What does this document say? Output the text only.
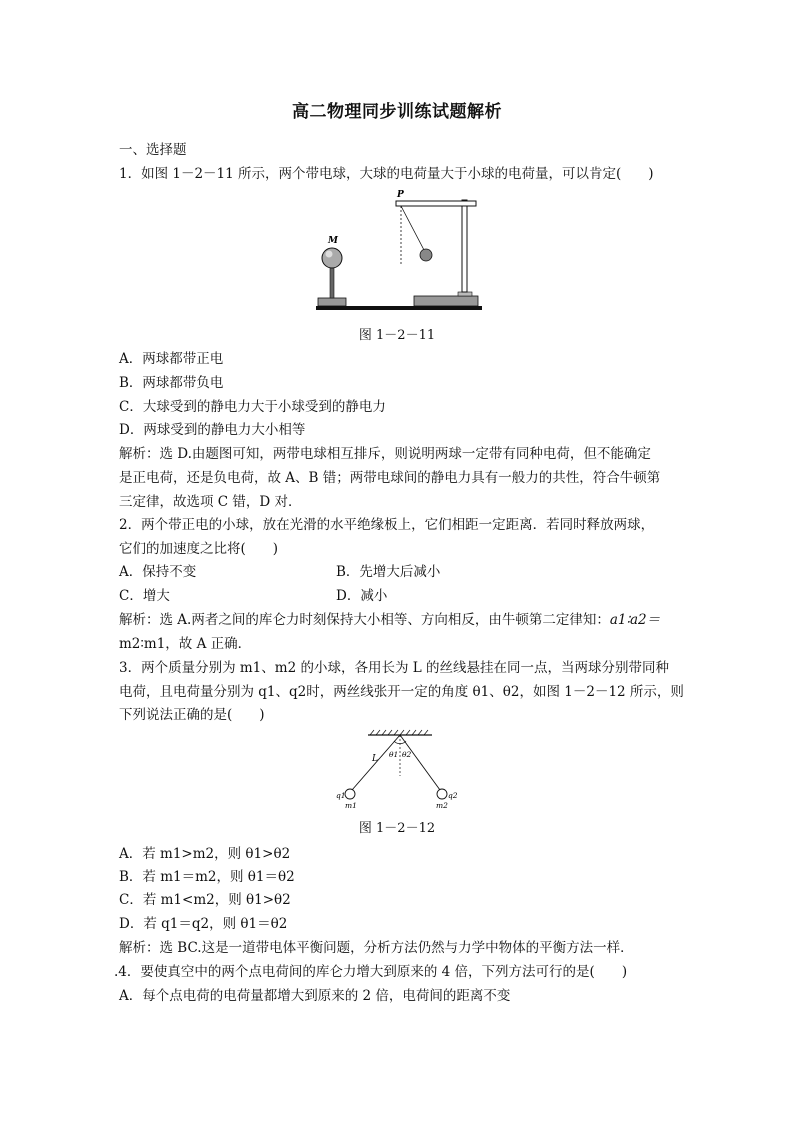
高二物理同步训练试题解析
一、选择题
1．如图 1－2－11 所示，两个带电球，大球的电荷量大于小球的电荷量，可以肯定(　　)
M
P
图 1－2－11
A．两球都带正电
B．两球都带负电
C．大球受到的静电力大于小球受到的静电力
D．两球受到的静电力大小相等
解析：选 D.由题图可知，两带电球相互排斥，则说明两球一定带有同种电荷，但不能确定
是正电荷，还是负电荷，故 A、B 错；两带电球间的静电力具有一般力的共性，符合牛顿第
三定律，故选项 C 错，D 对．
2．两个带正电的小球，放在光滑的水平绝缘板上，它们相距一定距离．若同时释放两球，
它们的加速度之比将(　　)
A．保持不变	B．先增大后减小
C．增大	D．减小
解析：选 A.两者之间的库仑力时刻保持大小相等、方向相反，由牛顿第二定律知：a1∶a2＝
m2∶m1，故 A 正确．
3．两个质量分别为 m1、m2 的小球，各用长为 L 的丝线悬挂在同一点，当两球分别带同种
电荷，且电荷量分别为 q1、q2时，两丝线张开一定的角度 θ1、θ2，如图 1－2－12 所示，则
下列说法正确的是(　　)
L θ1 θ2
q1	q2
m1	m2
图 1－2－12
A．若 m1>m2，则 θ1>θ2
B．若 m1＝m2，则 θ1＝θ2
C．若 m1<m2，则 θ1>θ2
D．若 q1＝q2，则 θ1＝θ2
解析：选 BC.这是一道带电体平衡问题，分析方法仍然与力学中物体的平衡方法一样．
.4．要使真空中的两个点电荷间的库仑力增大到原来的 4 倍，下列方法可行的是(　　)
A．每个点电荷的电荷量都增大到原来的 2 倍，电荷间的距离不变
